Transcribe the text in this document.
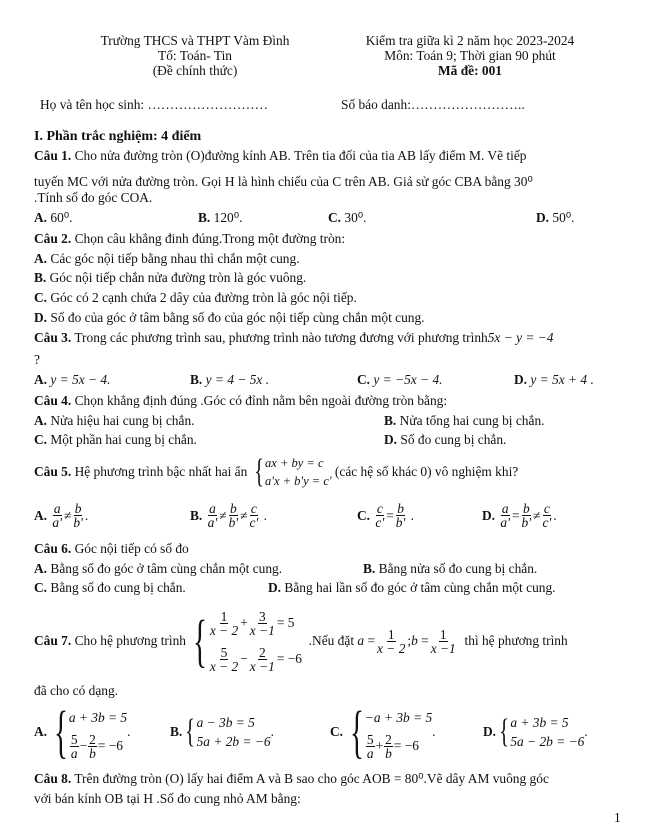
Trường THCS và THPT Vàm Đình
Tổ: Toán- Tin
(Đề chính thức)
Kiểm tra giữa kì 2 năm học 2023-2024
Môn: Toán 9; Thời gian 90 phút
Mã đề: 001
Họ và tên học sinh: ………………………	Số báo danh:……………………..
I. Phần trắc nghiệm: 4 điểm
Câu 1. Cho nửa đường tròn (O)đường kính AB. Trên tia đối của tia AB lấy điểm M. Vẽ tiếp
tuyến MC với nửa đường tròn. Gọi H là hình chiếu của C trên AB. Giả sử góc CBA bằng 30⁰
.Tính số đo góc COA.
A. 60⁰.	B. 120⁰.	C. 30⁰.	D. 50⁰.
Câu 2. Chọn câu khẳng đinh đúng.Trong một đường tròn:
A. Các góc nội tiếp bằng nhau thì chắn một cung.
B. Góc nội tiếp chắn nửa đường tròn là góc vuông.
C. Góc có 2 cạnh chứa 2 dây của đường tròn là góc nội tiếp.
D. Số đo của góc ở tâm bằng số đo của góc nội tiếp cùng chắn một cung.
Câu 3. Trong các phương trình sau, phương trình nào tương đương với phương trình5x − y = −4
?
A. y = 5x − 4.	B. y = 4 − 5x .	C. y = −5x − 4.	D. y = 5x + 4 .
Câu 4. Chọn khẳng định đúng .Góc có đỉnh nằm bên ngoài đường tròn bằng:
A. Nửa hiệu hai cung bị chắn.	B. Nửa tổng hai cung bị chắn.
C. Một phần hai cung bị chắn.	D. Số đo cung bị chắn.
Câu 5.
Hệ phương trình bậc nhất hai ẩn
{ ax + by = c
a'x + b'y = c'

(các hệ số khác 0) vô nghiệm khi?
A.
$\frac{a}{a'} \ne \frac{b}{b'}$ .	B.
$\frac{a}{a'} \ne \frac{b}{b'} \ne \frac{c}{c'}$ .	C.
$\frac{c}{c'} = \frac{b}{b'}$ .	D.
$\frac{a}{a'} = \frac{b}{b'} \ne \frac{c}{c'}$ .
Câu 6. Góc nội tiếp có số đo
A. Bằng số đo góc ở tâm cùng chắn một cung.	B. Bằng nửa số đo cung bị chắn.
C. Bằng số đo cung bị chắn.	D. Bằng hai lần số đo góc ở tâm cùng chắn một cung.
Câu 7.
Cho hệ phương trình { $\frac{1}{x - 2} + \frac{3}{x -1} = 5$
$\frac{5}{x - 2} - \frac{2}{x -1} = -6$

.Nếu đặt
$a = \frac{1}{x - 2}$ ; $b = \frac{1}{x -1}$
thì hệ phương trình
đã cho có dạng.
A. { a + 3b = 5
$\frac{5}{a} - \frac{2}{b} = -6$
.	B. { a − 3b = 5
5a + 2b = −6
.	C. { −a + 3b = 5
$\frac{5}{a} + \frac{2}{b} = -6$
.	D. { a + 3b = 5
5a − 2b = −6
.
Câu 8. Trên đường tròn (O) lấy hai điểm A và B sao cho góc AOB = 80⁰.Vẽ dây AM vuông góc
với bán kính OB tại H .Số đo cung nhỏ AM bằng:
1
